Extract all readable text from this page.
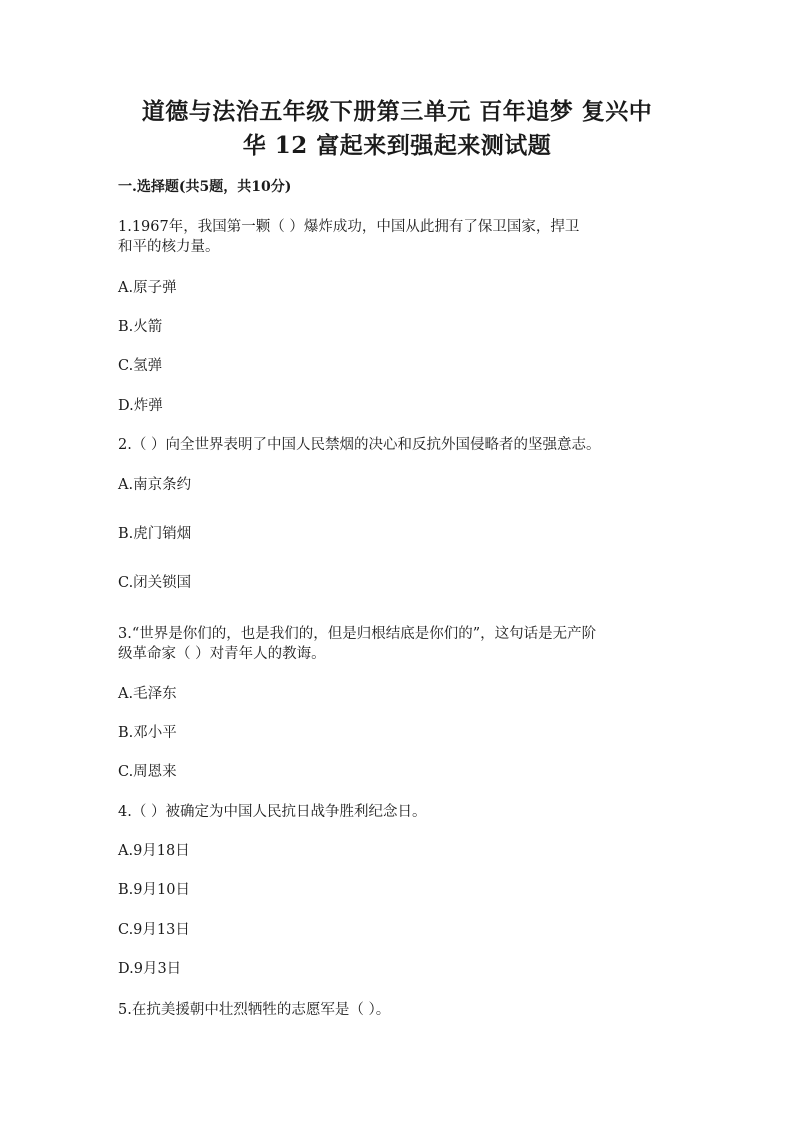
道德与法治五年级下册第三单元 百年追梦 复兴中
华 12 富起来到强起来测试题
一.选择题(共5题，共10分)
1.1967年，我国第一颗（ ）爆炸成功，中国从此拥有了保卫国家，捍卫
和平的核力量。
A.原子弹
B.火箭
C.氢弹
D.炸弹
2.（ ）向全世界表明了中国人民禁烟的决心和反抗外国侵略者的坚强意志。
A.南京条约
B.虎门销烟
C.闭关锁国
3.“世界是你们的，也是我们的，但是归根结底是你们的”，这句话是无产阶
级革命家（ ）对青年人的教诲。
A.毛泽东
B.邓小平
C.周恩来
4.（ ）被确定为中国人民抗日战争胜利纪念日。
A.9月18日
B.9月10日
C.9月13日
D.9月3日
5.在抗美援朝中壮烈牺牲的志愿军是（ ）。
